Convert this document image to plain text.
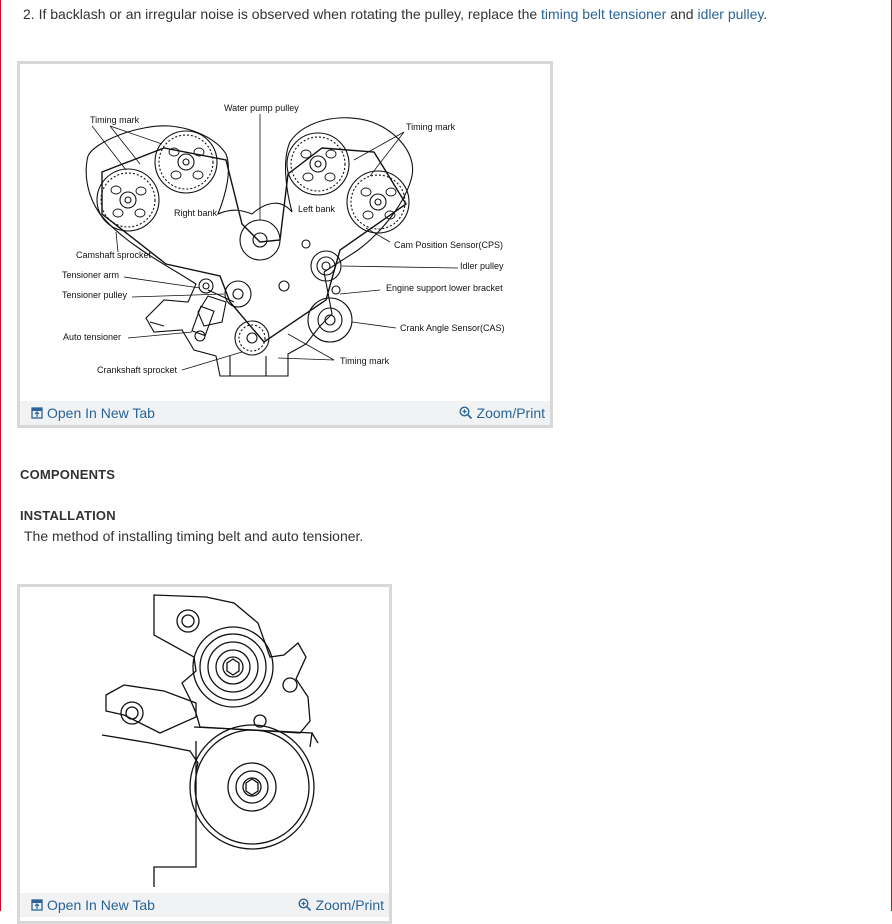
2. If backlash or an irregular noise is observed when rotating the pulley, replace the timing belt tensioner and idler pulley.

Timing mark
Water pump pulley
Timing mark
Right bank	Left bank
Cam Position Sensor(CPS)
Camshaft sprocket
Idler pulley
Tensioner arm
Engine support lower bracket
Tensioner pulley
Crank Angle Sensor(CAS)
Auto tensioner
Timing mark
Crankshaft sprocket
Open In New Tab	Zoom/Print
COMPONENTS
INSTALLATION
The method of installing timing belt and auto tensioner.
Open In New Tab	Zoom/Print
